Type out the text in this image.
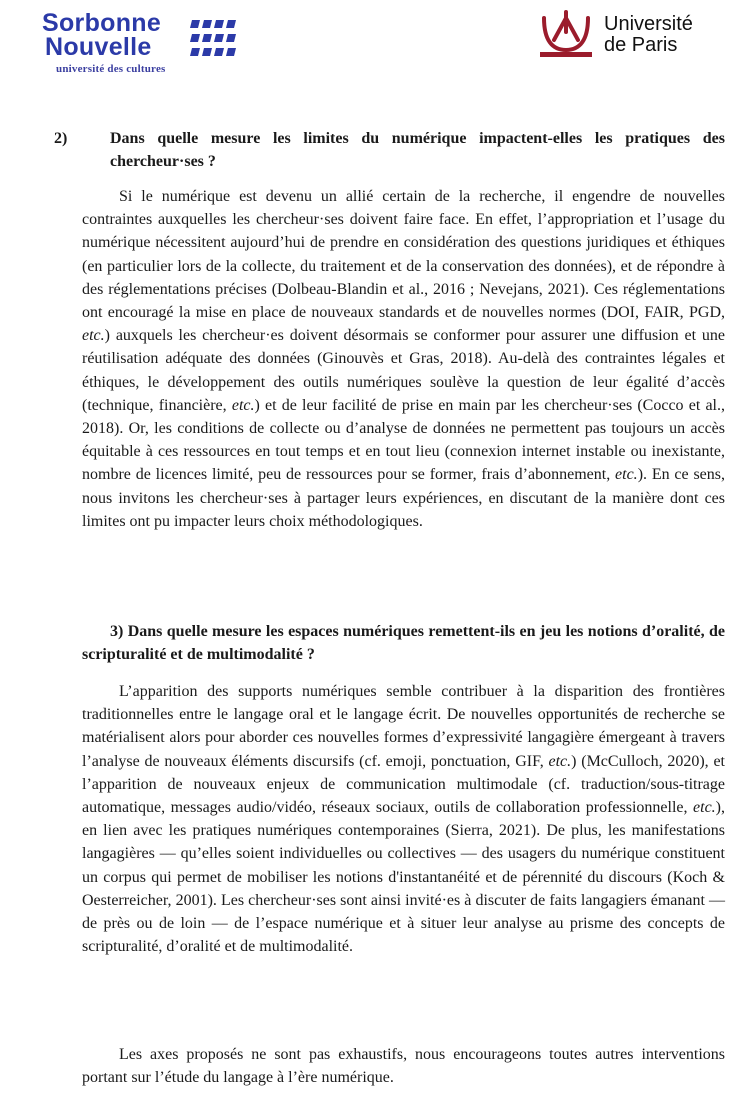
Sorbonne
Nouvelle
université des cultures
Université
de Paris

2)	Dans quelle mesure les limites du numérique impactent-elles les pratiques des chercheur·ses ?

Si le numérique est devenu un allié certain de la recherche, il engendre de nouvelles contraintes auxquelles les chercheur·ses doivent faire face. En effet, l’appropriation et l’usage du numérique nécessitent aujourd’hui de prendre en considération des questions juridiques et éthiques (en particulier lors de la collecte, du traitement et de la conservation des données), et de répondre à des réglementations précises (Dolbeau-Blandin et al., 2016 ; Nevejans, 2021). Ces réglementations ont encouragé la mise en place de nouveaux standards et de nouvelles normes (DOI, FAIR, PGD, etc.) auxquels les chercheur·es doivent désormais se conformer pour assurer une diffusion et une réutilisation adéquate des données (Ginouvès et Gras, 2018). Au-delà des contraintes légales et éthiques, le développement des outils numériques soulève la question de leur égalité d’accès (technique, financière, etc.) et de leur facilité de prise en main par les chercheur·ses (Cocco et al., 2018). Or, les conditions de collecte ou d’analyse de données ne permettent pas toujours un accès équitable à ces ressources en tout temps et en tout lieu (connexion internet instable ou inexistante, nombre de licences limité, peu de ressources pour se former, frais d’abonnement, etc.). En ce sens, nous invitons les chercheur·ses à partager leurs expériences, en discutant de la manière dont ces limites ont pu impacter leurs choix méthodologiques.

3) Dans quelle mesure les espaces numériques remettent-ils en jeu les notions d’oralité, de scripturalité et de multimodalité ?

L’apparition des supports numériques semble contribuer à la disparition des frontières traditionnelles entre le langage oral et le langage écrit. De nouvelles opportunités de recherche se matérialisent alors pour aborder ces nouvelles formes d’expressivité langagière émergeant à travers l’analyse de nouveaux éléments discursifs (cf. emoji, ponctuation, GIF, etc.) (McCulloch, 2020), et l’apparition de nouveaux enjeux de communication multimodale (cf. traduction/sous-titrage automatique, messages audio/vidéo, réseaux sociaux, outils de collaboration professionnelle, etc.), en lien avec les pratiques numériques contemporaines (Sierra, 2021). De plus, les manifestations langagières — qu’elles soient individuelles ou collectives — des usagers du numérique constituent un corpus qui permet de mobiliser les notions d'instantanéité et de pérennité du discours (Koch & Oesterreicher, 2001). Les chercheur·ses sont ainsi invité·es à discuter de faits langagiers émanant — de près ou de loin — de l’espace numérique et à situer leur analyse au prisme des concepts de scripturalité, d’oralité et de multimodalité.

Les axes proposés ne sont pas exhaustifs, nous encourageons toutes autres interventions portant sur l’étude du langage à l’ère numérique.
